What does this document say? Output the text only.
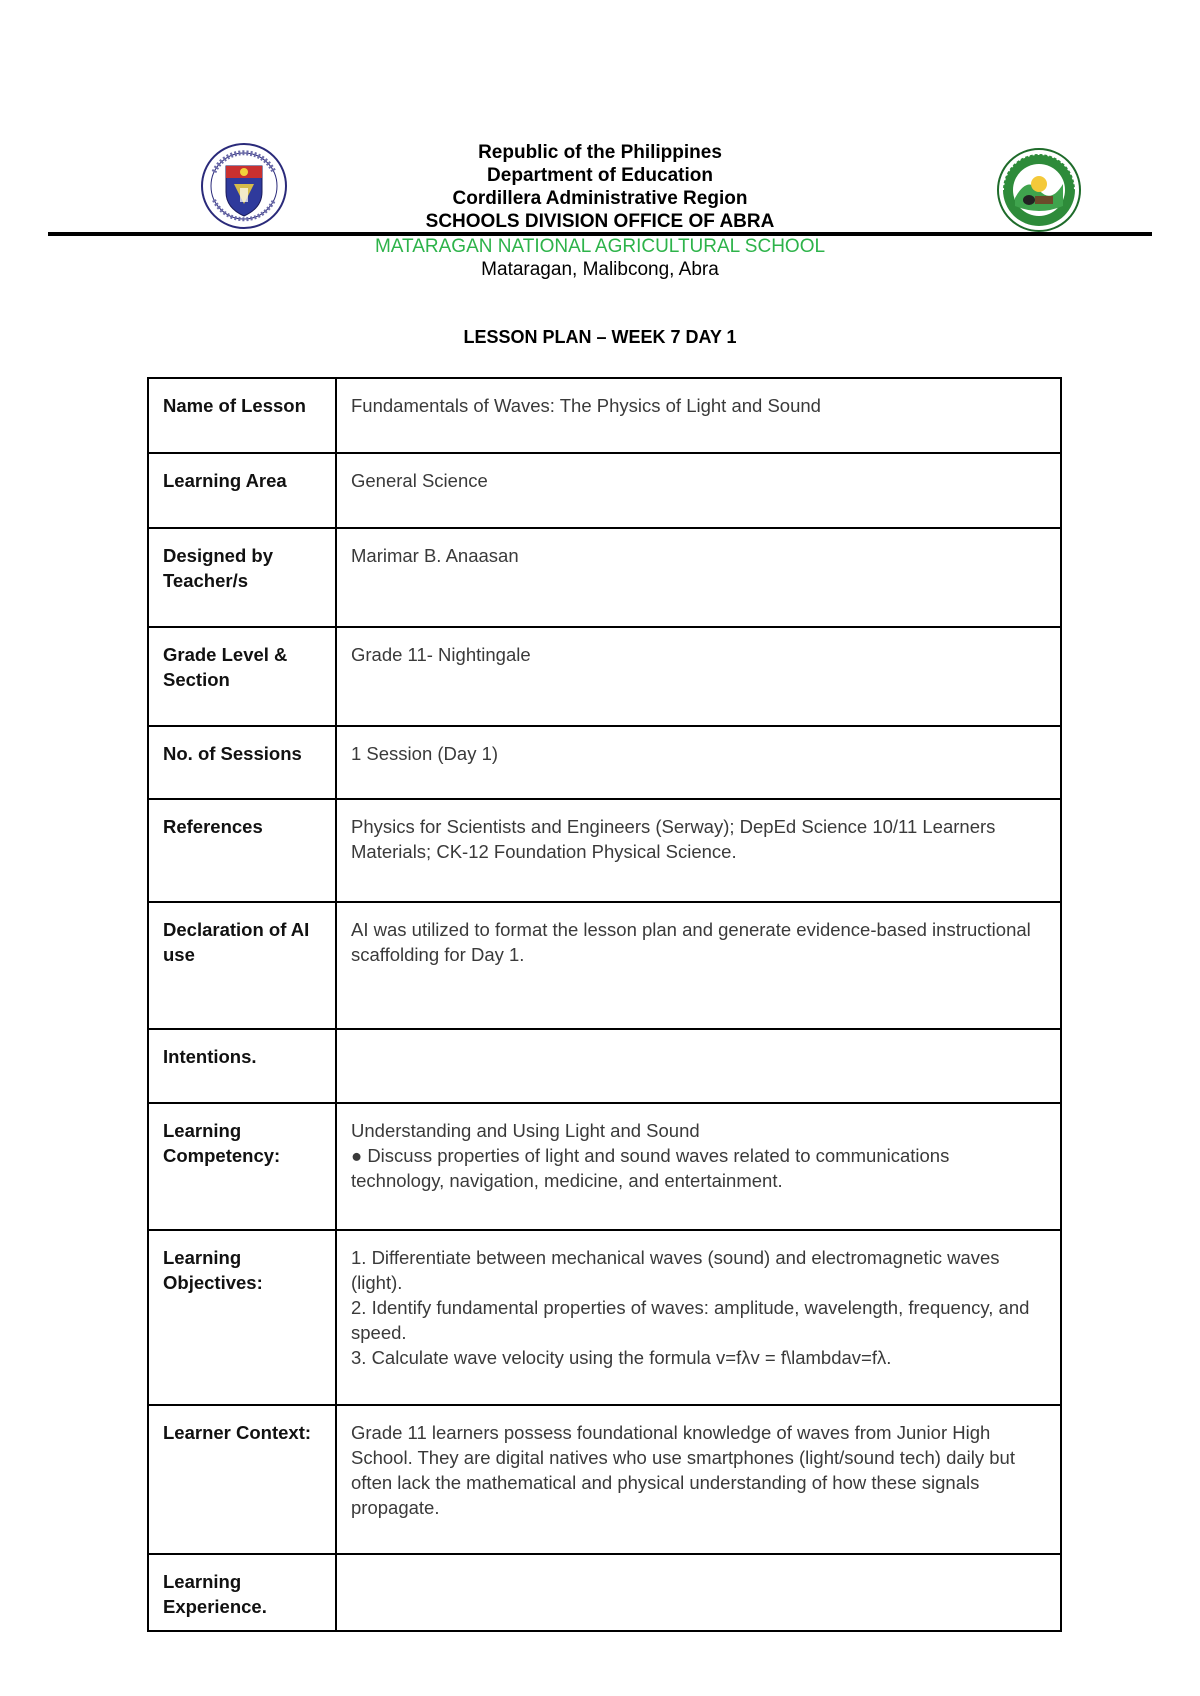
Republic of the Philippines

Department of Education

Cordillera Administrative Region

SCHOOLS DIVISION OFFICE OF ABRA

MATARAGAN NATIONAL AGRICULTURAL SCHOOL

Mataragan, Malibcong, Abra

LESSON PLAN – WEEK 7 DAY 1
Name of Lesson	Fundamentals of Waves: The Physics of Light and Sound
Learning Area	General Science
Designed by Teacher/s	Marimar B. Anaasan
Grade Level & Section	Grade 11- Nightingale
No. of Sessions	1 Session (Day 1)
References	Physics for Scientists and Engineers (Serway); DepEd Science 10/11 Learners Materials; CK-12 Foundation Physical Science.
Declaration of AI use	AI was utilized to format the lesson plan and generate evidence-based instructional scaffolding for Day 1.
Intentions.	
Learning Competency:	Understanding and Using Light and Sound
● Discuss properties of light and sound waves related to communications technology, navigation, medicine, and entertainment.

Learning Objectives:	1. Differentiate between mechanical waves (sound) and electromagnetic waves (light).
2. Identify fundamental properties of waves: amplitude, wavelength, frequency, and speed.
3. Calculate wave velocity using the formula v=fλv = f\lambdav=fλ.

Learner Context:	Grade 11 learners possess foundational knowledge of waves from Junior High School. They are digital natives who use smartphones (light/sound tech) daily but often lack the mathematical and physical understanding of how these signals propagate.
Learning Experience.	
